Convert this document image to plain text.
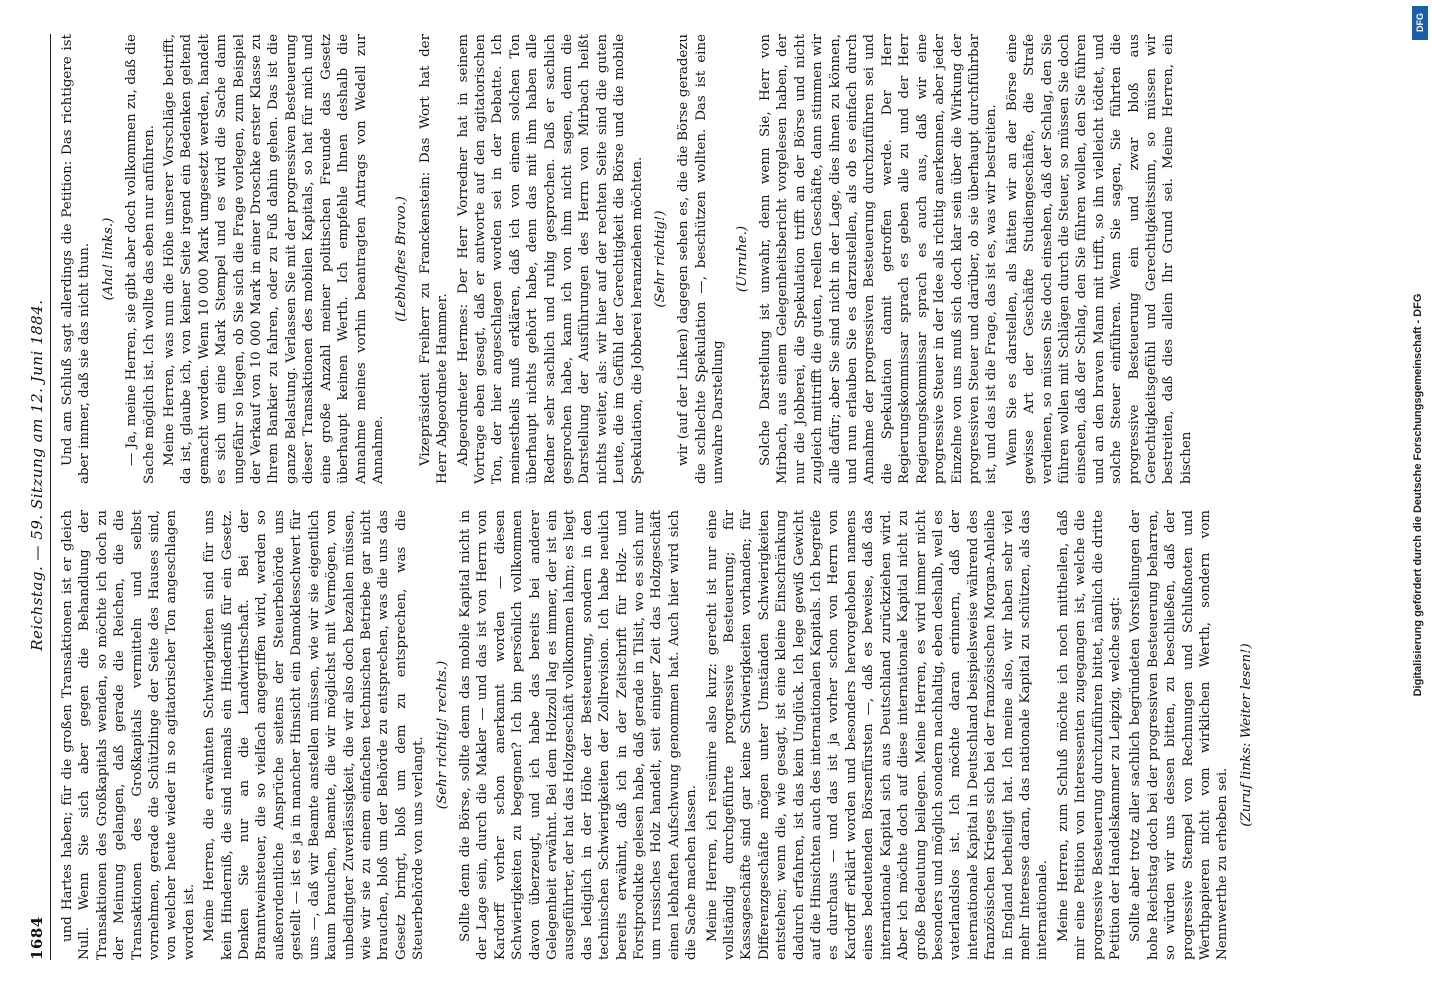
1684
Reichstag. — 59. Sitzung am 12. Juni 1884.

und Hartes haben; für die großen Transaktionen ist er gleich Null. Wenn Sie sich aber gegen die Behandlung der Transaktionen des Großkapitals wenden, so möchte ich doch zu der Meinung gelangen, daß gerade die Reichen, die die Transaktionen des Großkapitals vermitteln und selbst vornehmen, gerade die Schützlinge der Seite des Hauses sind, von welcher heute wieder in so agitatorischer Ton angeschlagen worden ist. Meine Herren, die erwähnten Schwierigkeiten sind für uns kein Hinderniß, die sind niemals ein Hinderniß für ein Gesetz. Denken Sie nur an die Landwirthschaft. Bei der Branntweinsteuer, die so vielfach angegriffen wird, werden so außerordentliche Ansprüche seitens der Steuerbehörde uns gestellt — ist es ja in mancher Hinsicht ein Damoklesschwert für uns —, daß wir Beamte anstellen müssen, wie wir sie eigentlich kaum brauchen, Beamte, die wir möglichst mit Vermögen, von unbedingter Zuverlässigkeit, die wir also doch bezahlen müssen, wie wir sie zu einem einfachen technischen Betriebe gar nicht brauchen, bloß um der Behörde zu entsprechen, was die uns das Gesetz bringt, bloß um dem zu entsprechen, was die Steuerbehörde von uns verlangt.

(Sehr richtig! rechts.) Sollte denn die Börse, sollte denn das mobile Kapital nicht in der Lage sein, durch die Makler — und das ist von Herrn von Kardorff vorher schon anerkannt worden — diesen Schwierigkeiten zu begegnen? Ich bin persönlich vollkommen davon überzeugt, und ich habe das bereits bei anderer Gelegenheit erwähnt. Bei dem Holzzoll lag es immer, der ist ein ausgeführter, der hat das Holzgeschäft vollkommen lahm; es liegt das lediglich in der Höhe der Besteuerung, sondern in den technischen Schwierigkeiten der Zollrevision. Ich habe neulich bereits erwähnt, daß ich in der Zeitschrift für Holz- und Forstprodukte gelesen habe, daß gerade in Tilsit, wo es sich nur um russisches Holz handelt, seit einiger Zeit das Holzgeschäft einen lebhaften Aufschwung genommen hat. Auch hier wird sich die Sache machen lassen. Meine Herren, ich resümire also kurz: gerecht ist nur eine vollständig durchgeführte progressive Besteuerung; für Kassageschäfte sind gar keine Schwierigkeiten vorhanden; für Differenzgeschäfte mögen unter Umständen Schwierigkeiten entstehen; wenn die, wie gesagt, ist eine kleine Einschränkung dadurch erfahren, ist das kein Unglück. Ich lege gewiß Gewicht auf die Hinsichten auch des internationalen Kapitals. Ich begreife es durchaus — und das ist ja vorher schon von Herrn von Kardorff erklärt worden und besonders hervorgehoben namens eines bedeutenden Börsenfürsten —, daß es beweise, daß das internationale Kapital sich aus Deutschland zurückziehen wird. Aber ich möchte doch auf diese internationale Kapital nicht zu große Bedeutung beilegen. Meine Herren, es wird immer nicht besonders und möglich sondern nachhaltig, eben deshalb, weil es vaterlandslos ist. Ich möchte daran erinnern, daß der internationale Kapital in Deutschland beispielsweise während des französischen Krieges sich bei der französischen Morgan-Anleihe in England betheiligt hat. Ich meine also, wir haben sehr viel mehr Interesse daran, das nationale Kapital zu schützen, als das internationale. Meine Herren, zum Schluß möchte ich noch mittheilen, daß mir eine Petition von Interessenten zugegangen ist, welche die progressive Besteuerung durchzuführen bittet, nämlich die dritte Petition der Handelskammer zu Leipzig, welche sagt: Sollte aber trotz aller sachlich begründeten Vorstellungen der hohe Reichstag doch bei der progressiven Besteuerung beharren, so würden wir uns dessen bitten, zu beschließen, daß der progressive Stempel von Rechnungen und Schlußnoten und Werthpapieren nicht vom wirklichen Werth, sondern vom Nennwerthe zu erheben sei.

(Zuruf links: Weiter lesen!)

Und am Schluß sagt allerdings die Petition: Das richtigere ist aber immer, daß sie das nicht thun. (Aha! links.) — Ja, meine Herren, sie gibt aber doch vollkommen zu, daß die Sache möglich ist. Ich wollte das eben nur anführen. Meine Herren, was nun die Höhe unserer Vorschläge betrifft, da ist, glaube ich, von keiner Seite irgend ein Bedenken geltend gemacht worden. Wenn 10 000 Mark umgesetzt werden, handelt es sich um eine Mark Stempel und es wird die Sache dann ungefähr so liegen, ob Sie sich die Frage vorlegen, zum Beispiel der Verkauf von 10 000 Mark in einer Droschke erster Klasse zu Ihrem Bankier zu fahren, oder zu Fuß dahin gehen. Das ist die ganze Belastung. Verlassen Sie mit der progressiven Besteuerung dieser Transaktionen des mobilen Kapitals, so hat für mich und eine große Anzahl meiner politischen Freunde das Gesetz überhaupt keinen Werth. Ich empfehle Ihnen deshalb die Annahme meines vorhin beantragten Antrags von Wedell zur Annahme.

(Lebhaftes Bravo.) Vizepräsident Freiherr zu Franckenstein: Das Wort hat der Herr Abgeordnete Hammer. Abgeordneter Hermes: Der Herr Vorredner hat in seinem Vortrage eben gesagt, daß er antworte auf den agitatorischen Ton, der hier angeschlagen worden sei in der Debatte. Ich meinestheils muß erklären, daß ich von einem solchen Ton überhaupt nichts gehört habe, denn das mit ihm haben alle Redner sehr sachlich und ruhig gesprochen. Daß er sachlich gesprochen habe, kann ich von ihm nicht sagen, denn die Darstellung der Ausführungen des Herrn von Mirbach heißt nichts weiter, als: wir hier auf der rechten Seite sind die guten Leute, die im Gefühl der Gerechtigkeit die Börse und die mobile Spekulation, die Jobberei heranziehen möchten. (Sehr richtig!) wir (auf der Linken) dagegen sehen es, die die Börse geradezu die schlechte Spekulation —, beschützen wollten. Das ist eine unwahre Darstellung

(Unruhe.) Solche Darstellung ist unwahr, denn wenn Sie, Herr von Mirbach, aus einem Gelegenheitsbericht vorgelesen haben, der nur die Jobberei, die Spekulation trifft an der Börse und nicht zugleich mittrifft die guten, reellen Geschäfte, dann stimmen wir alle dafür; aber Sie sind nicht in der Lage, dies ihnen zu können, und nun erlauben Sie es darzustellen, als ob es einfach durch Annahme der progressiven Besteuerung durchzuführen sei und die Spekulation damit getroffen werde. Der Herr Regierungskommissar sprach es geben alle zu und der Herr Regierungskommissar sprach es auch aus, daß wir eine progressive Steuer in der Idee als richtig anerkennen, aber jeder Einzelne von uns muß sich doch klar sein über die Wirkung der progressiven Steuer und darüber, ob sie überhaupt durchführbar ist, und das ist die Frage, das ist es, was wir bestreiten. Wenn Sie es darstellen, als hätten wir an der Börse eine gewisse Art der Geschäfte Studiengeschäfte, die Strafe verdienen, so müssen Sie doch einsehen, daß der Schlag, den Sie führen wollen mit Schlägen durch die Steuer, so müssen Sie doch einsehen, daß der Schlag, den Sie führen wollen, den Sie führen und an den braven Mann mit trifft, so ihn vielleicht tödtet, und solche Steuer einführen. Wenn Sie sagen, Sie führten die progressive Besteuerung ein und zwar bloß aus Gerechtigkeitsgefühl und Gerechtigkeitssinn, so müssen wir bestreiten, daß dies allein Ihr Grund sei. Meine Herren, ein bischen	Digitalisierung gefördert durch die Deutsche Forschungsgemeinschaft - DFG
DFG
